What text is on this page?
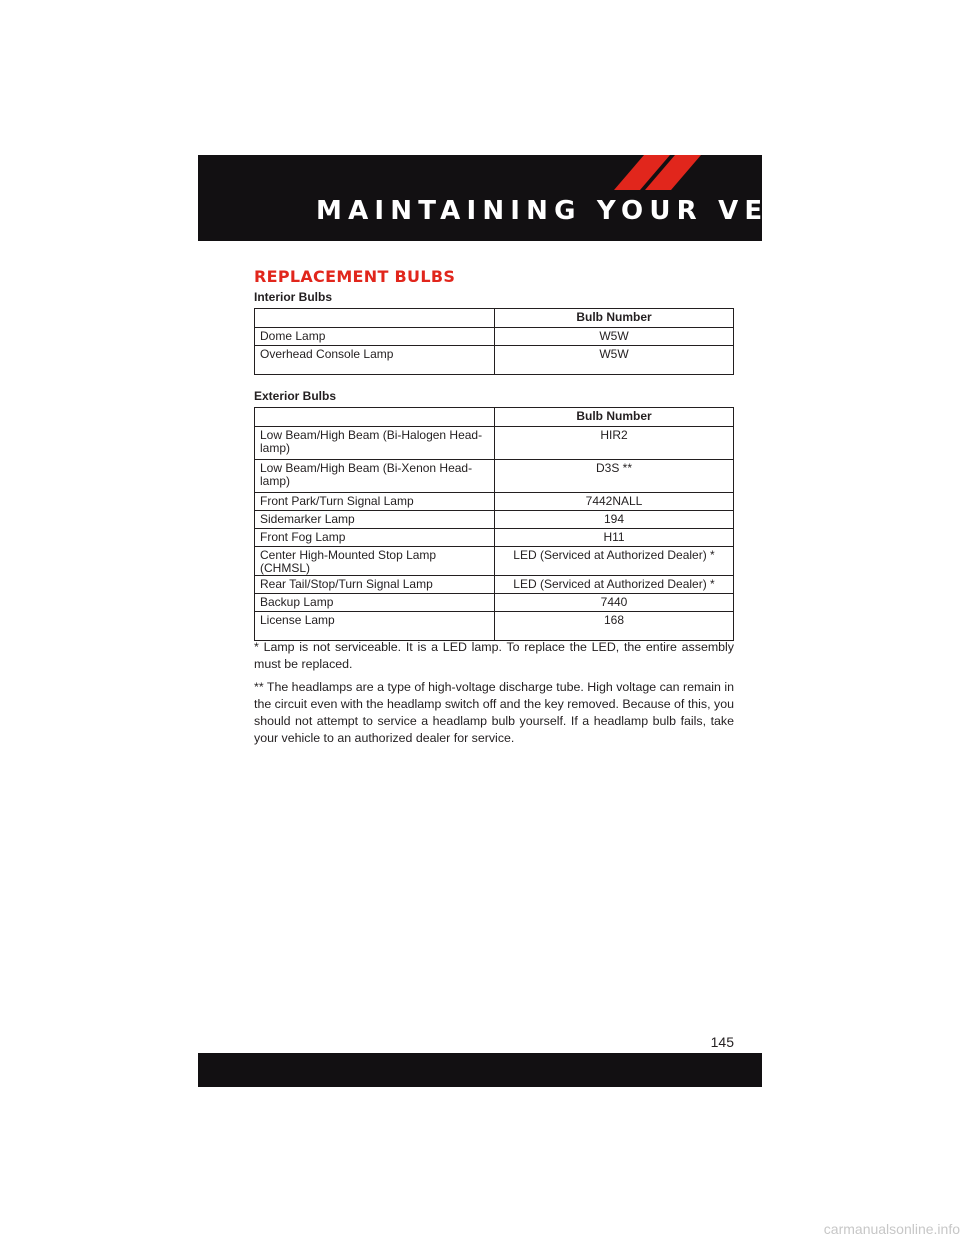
MAINTAINING YOUR VEHICLE
REPLACEMENT BULBS
Interior Bulbs
	Bulb Number
Dome Lamp	W5W
Overhead Console Lamp	W5W
Exterior Bulbs
	Bulb Number
Low Beam/High Beam (Bi-Halogen Head-lamp)	HIR2
Low Beam/High Beam (Bi-Xenon Head-lamp)	D3S **
Front Park/Turn Signal Lamp	7442NALL
Sidemarker Lamp	194
Front Fog Lamp	H11
Center High-Mounted Stop Lamp (CHMSL)	LED (Serviced at Authorized Dealer) *
Rear Tail/Stop/Turn Signal Lamp	LED (Serviced at Authorized Dealer) *
Backup Lamp	7440
License Lamp	168

* Lamp is not serviceable. It is a LED lamp. To replace the LED, the entire assembly must be replaced.

** The headlamps are a type of high-voltage discharge tube. High voltage can remain in the circuit even with the headlamp switch off and the key removed. Because of this, you should not attempt to service a headlamp bulb yourself. If a headlamp bulb fails, take your vehicle to an authorized dealer for service.

145
carmanualsonline.info
